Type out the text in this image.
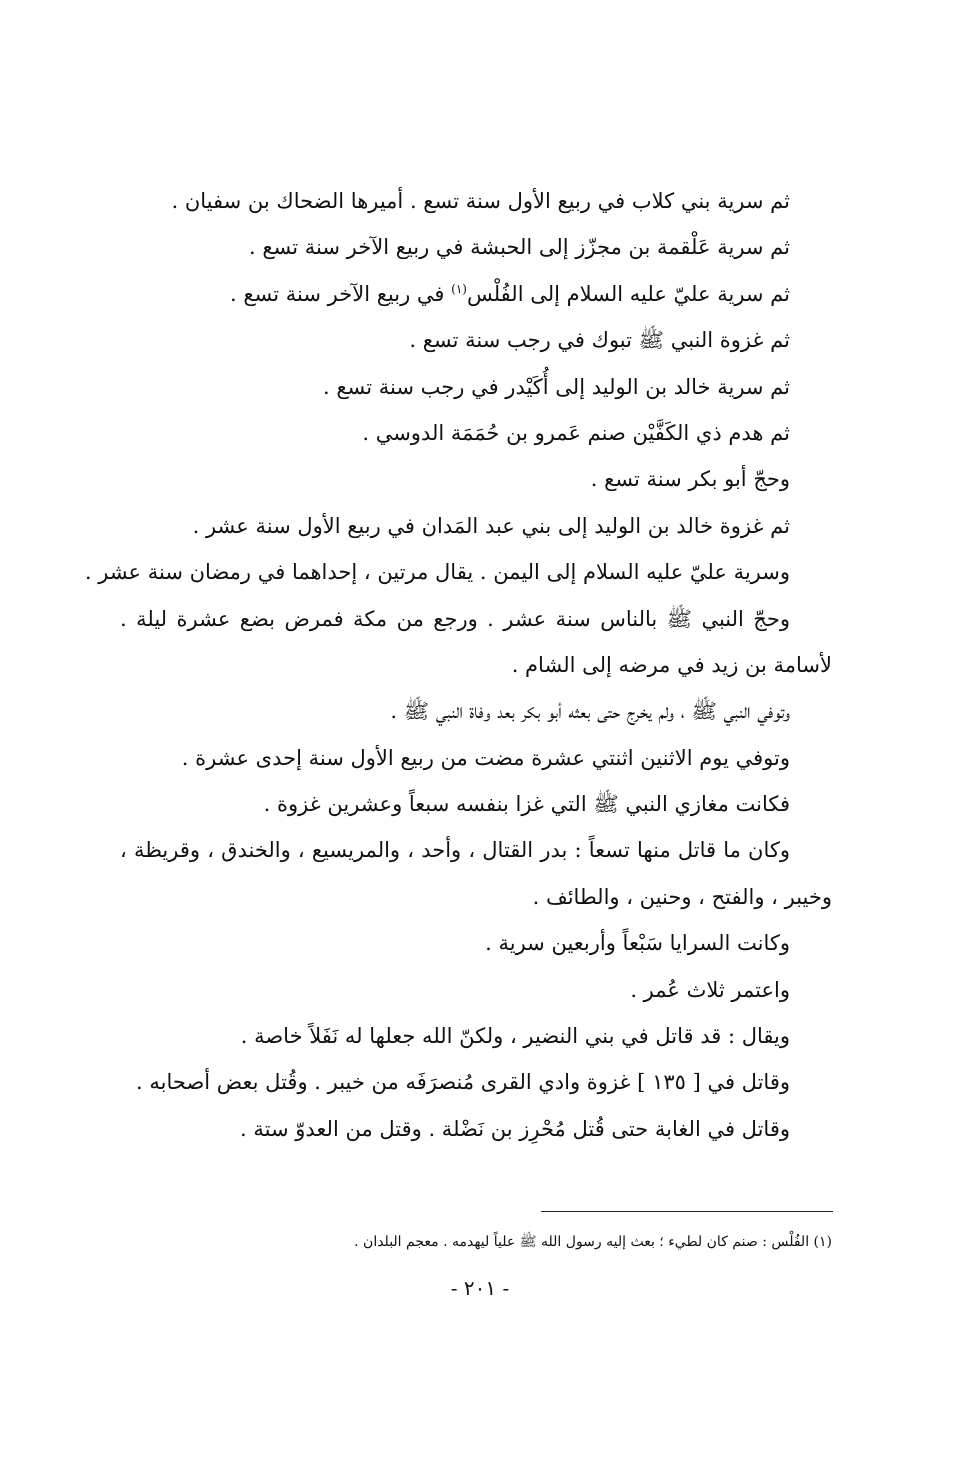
ثم سرية بني كلاب في ربيع الأول سنة تسع . أميرها الضحاك بن سفيان .
ثم سرية عَلْقمة بن مجزّز إلى الحبشة في ربيع الآخر سنة تسع .
ثم سرية عليّ عليه السلام إلى الفُلْس$^{(١)}$ في ربيع الآخر سنة تسع .
ثم غزوة النبي ﷺ تبوك في رجب سنة تسع .
ثم سرية خالد بن الوليد إلى أُكَيْدر في رجب سنة تسع .
ثم هدم ذي الكَفَّيْن صنم عَمرو بن حُمَمَة الدوسي .
وحجّ أبو بكر سنة تسع .
ثم غزوة خالد بن الوليد إلى بني عبد المَدان في ربيع الأول سنة عشر .
وسرية عليّ عليه السلام إلى اليمن . يقال مرتين ، إحداهما في رمضان سنة عشر .
وحجّ النبي ﷺ بالناس سنة عشر . ورجع من مكة فمرض بضع عشرة ليلة .
لأسامة بن زيد في مرضه إلى الشام .
وتوفي النبي ﷺ ، ولم يخرج حتى بعثه أبو بكر بعد وفاة النبي ﷺ .
وتوفي يوم الاثنين اثنتي عشرة مضت من ربيع الأول سنة إحدى عشرة .
فكانت مغازي النبي ﷺ التي غزا بنفسه سبعاً وعشرين غزوة .
وكان ما قاتل منها تسعاً : بدر القتال ، وأحد ، والمريسيع ، والخندق ، وقريظة ،
وخيبر ، والفتح ، وحنين ، والطائف .
وكانت السرايا سَبْعاً وأربعين سرية .
واعتمر ثلاث عُمر .
ويقال : قد قاتل في بني النضير ، ولكنّ الله جعلها له نَفَلاً خاصة .
وقاتل في [ ١٣٥ ] غزوة وادي القرى مُنصرَفَه من خيبر . وقُتل بعض أصحابه .
وقاتل في الغابة حتى قُتل مُحْرِز بن نَضْلة . وقتل من العدوّ ستة .
(١) الفُلْس : صنم كان لطيء ؛ بعث إليه رسول الله ﷺ علياً ليهدمه . معجم البلدان .
- ٢٠١ -
